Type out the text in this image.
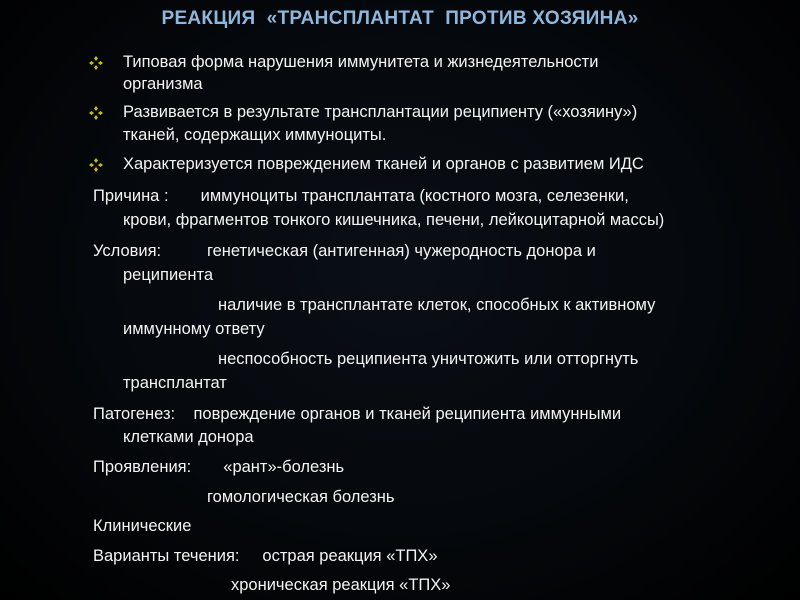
РЕАКЦИЯ  «ТРАНСПЛАНТАТ  ПРОТИВ ХОЗЯИНА»
Типовая форма нарушения иммунитета и жизнедеятельности
организма
Развивается в результате трансплантации реципиенту («хозяину»)
тканей, содержащих иммуноциты.
Характеризуется повреждением тканей и органов с развитием ИДС
Причина :       иммуноциты трансплантата (костного мозга, селезенки,
крови, фрагментов тонкого кишечника, печени, лейкоцитарной массы)
Условия:          генетическая (антигенная) чужеродность донора и
реципиента
наличие в трансплантате клеток, способных к активному
иммунному ответу
неспособность реципиента уничтожить или отторгнуть
трансплантат
Патогенез:    повреждение органов и тканей реципиента иммунными
клетками донора
Проявления:       «рант»-болезнь
гомологическая болезнь
Клинические
Варианты течения:     острая реакция «ТПХ»
хроническая реакция «ТПХ»
